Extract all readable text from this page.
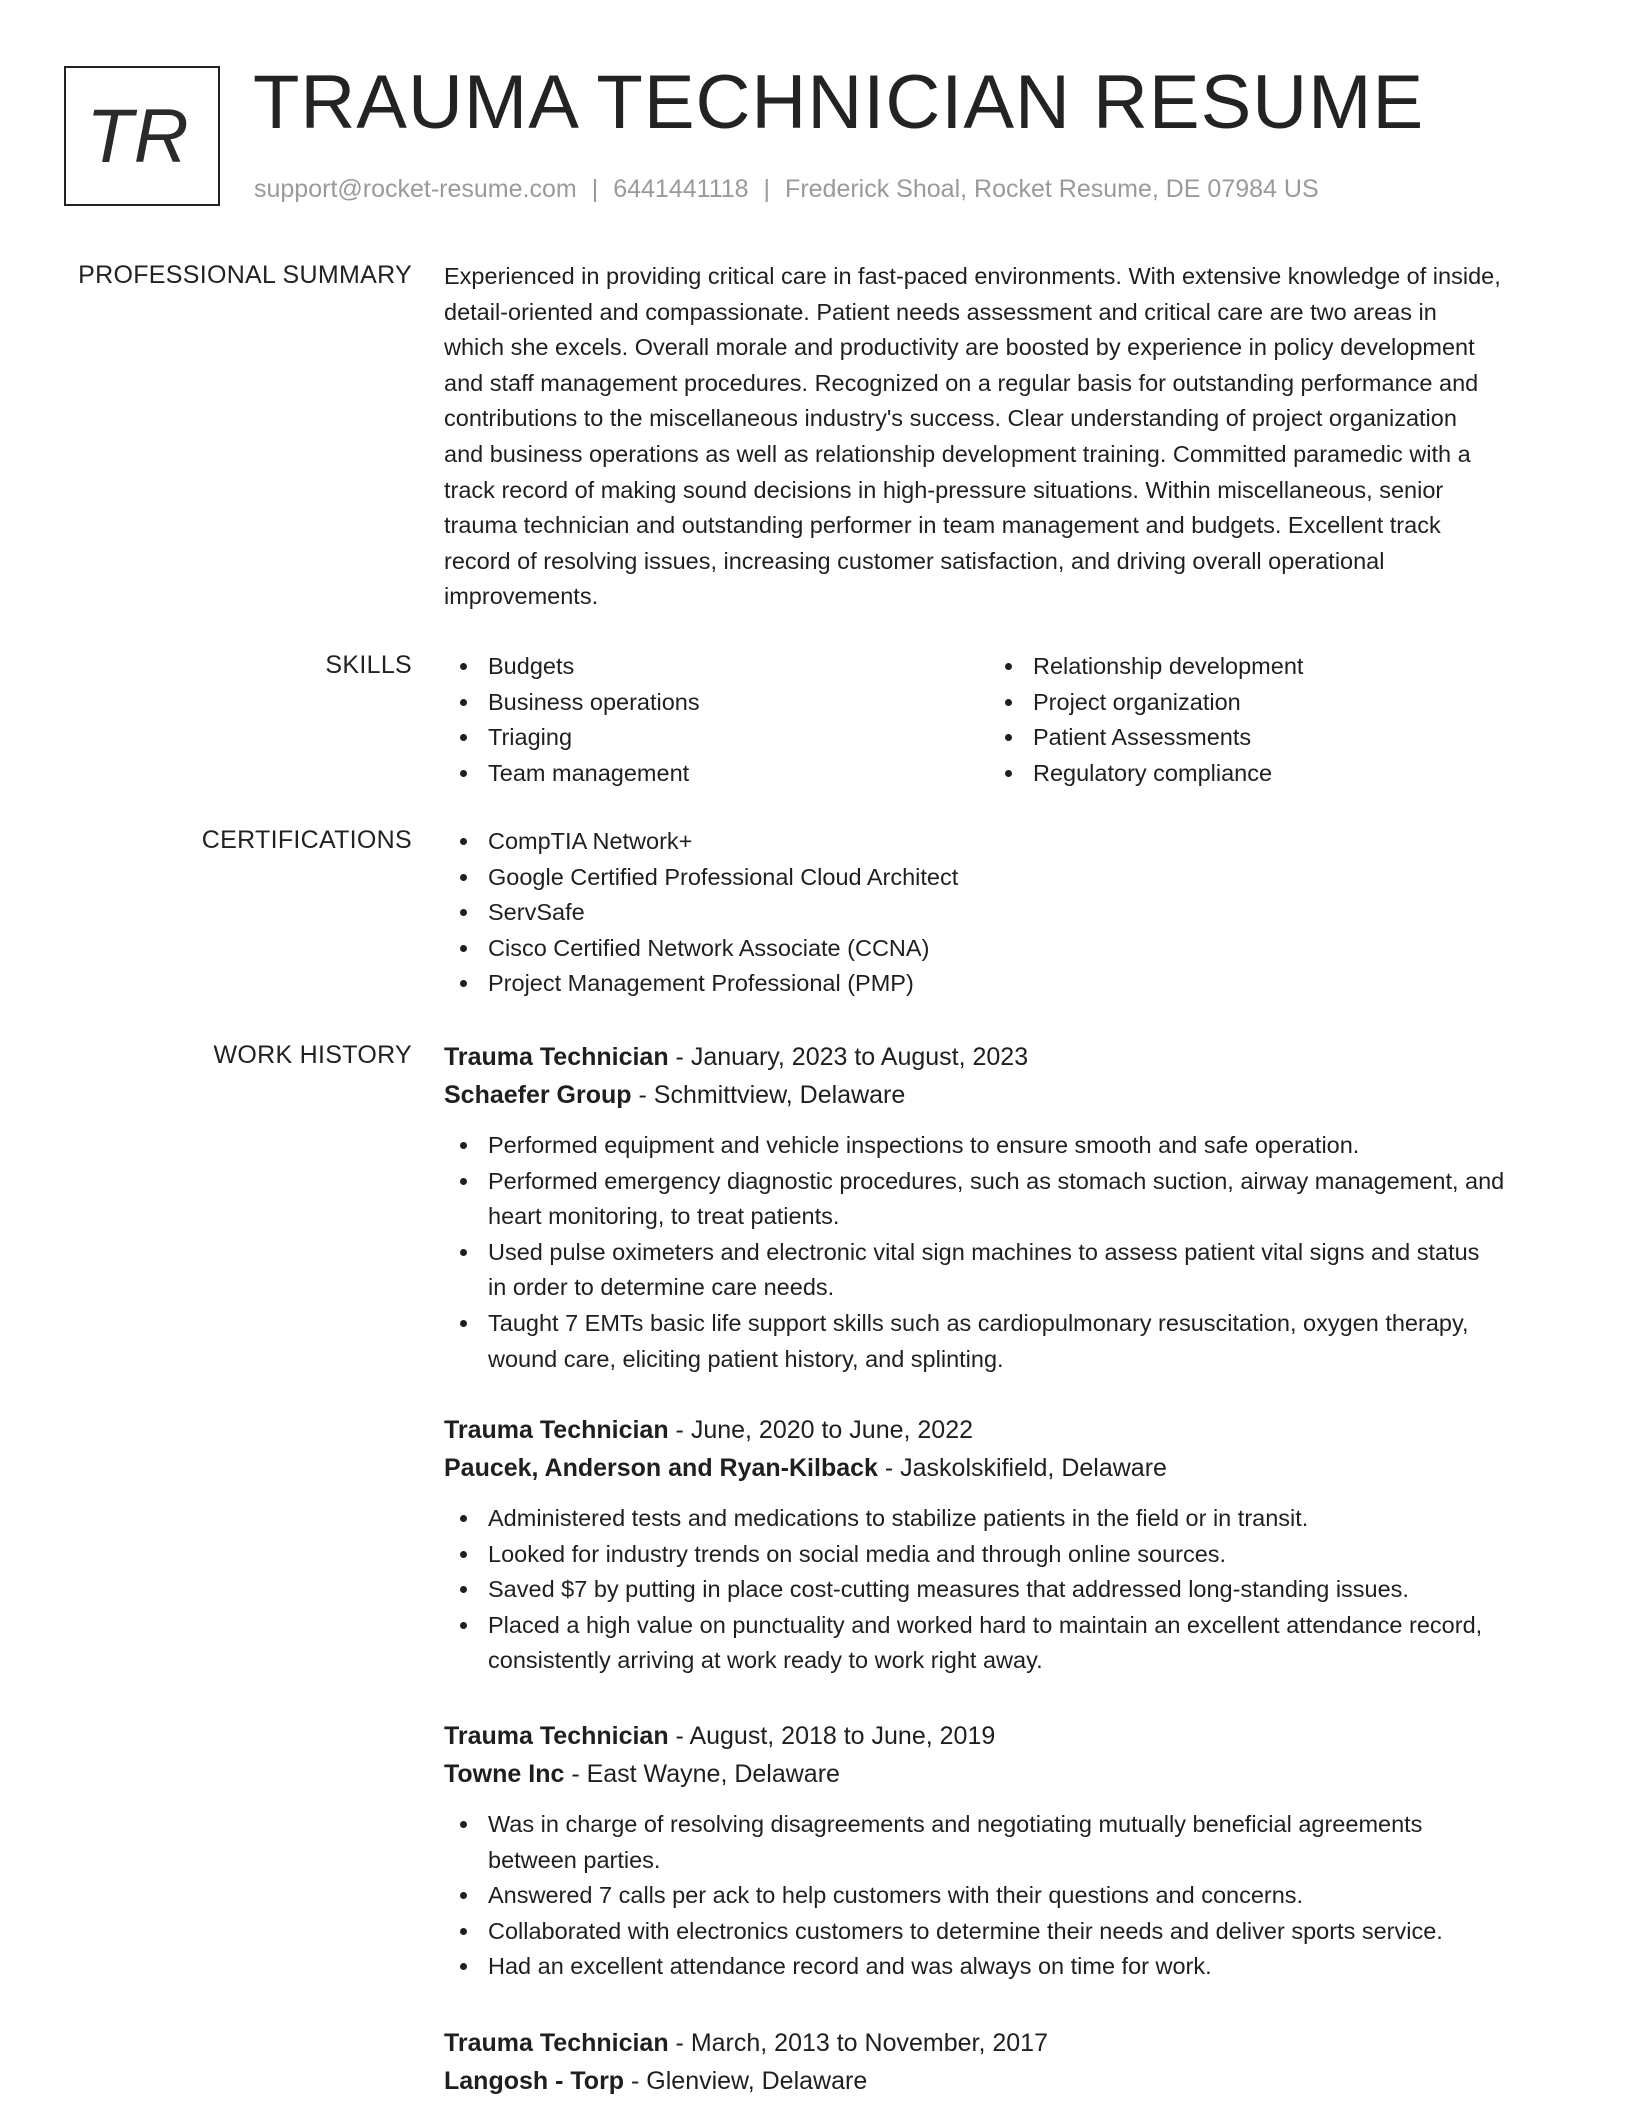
TR TRAUMA TECHNICIAN RESUME
support@rocket-resume.com | 6441441118 | Frederick Shoal, Rocket Resume, DE 07984 US
PROFESSIONAL SUMMARY Experienced in providing critical care in fast-paced environments. With extensive knowledge of inside,
detail-oriented and compassionate. Patient needs assessment and critical care are two areas in
which she excels. Overall morale and productivity are boosted by experience in policy development
and staff management procedures. Recognized on a regular basis for outstanding performance and
contributions to the miscellaneous industry's success. Clear understanding of project organization
and business operations as well as relationship development training. Committed paramedic with a
track record of making sound decisions in high-pressure situations. Within miscellaneous, senior
trauma technician and outstanding performer in team management and budgets. Excellent track
record of resolving issues, increasing customer satisfaction, and driving overall operational
improvements.
SKILLS	Budgets
Business operations
Triaging
Team management
Relationship development
Project organization
Patient Assessments
Regulatory compliance
CERTIFICATIONS	CompTIA Network+
Google Certified Professional Cloud Architect
ServSafe
Cisco Certified Network Associate (CCNA)
Project Management Professional (PMP)
WORK HISTORY Trauma Technician - January, 2023 to August, 2023
Schaefer Group - Schmittview, Delaware
Performed equipment and vehicle inspections to ensure smooth and safe operation.
Performed emergency diagnostic procedures, such as stomach suction, airway management, and
heart monitoring, to treat patients.
Used pulse oximeters and electronic vital sign machines to assess patient vital signs and status
in order to determine care needs.
Taught 7 EMTs basic life support skills such as cardiopulmonary resuscitation, oxygen therapy,
wound care, eliciting patient history, and splinting.
Trauma Technician - June, 2020 to June, 2022
Paucek, Anderson and Ryan-Kilback - Jaskolskifield, Delaware
Administered tests and medications to stabilize patients in the field or in transit.
Looked for industry trends on social media and through online sources.
Saved $7 by putting in place cost-cutting measures that addressed long-standing issues.
Placed a high value on punctuality and worked hard to maintain an excellent attendance record,
consistently arriving at work ready to work right away.
Trauma Technician - August, 2018 to June, 2019
Towne Inc - East Wayne, Delaware
Was in charge of resolving disagreements and negotiating mutually beneficial agreements
between parties.
Answered 7 calls per ack to help customers with their questions and concerns.
Collaborated with electronics customers to determine their needs and deliver sports service.
Had an excellent attendance record and was always on time for work.
Trauma Technician - March, 2013 to November, 2017
Langosh - Torp - Glenview, Delaware
